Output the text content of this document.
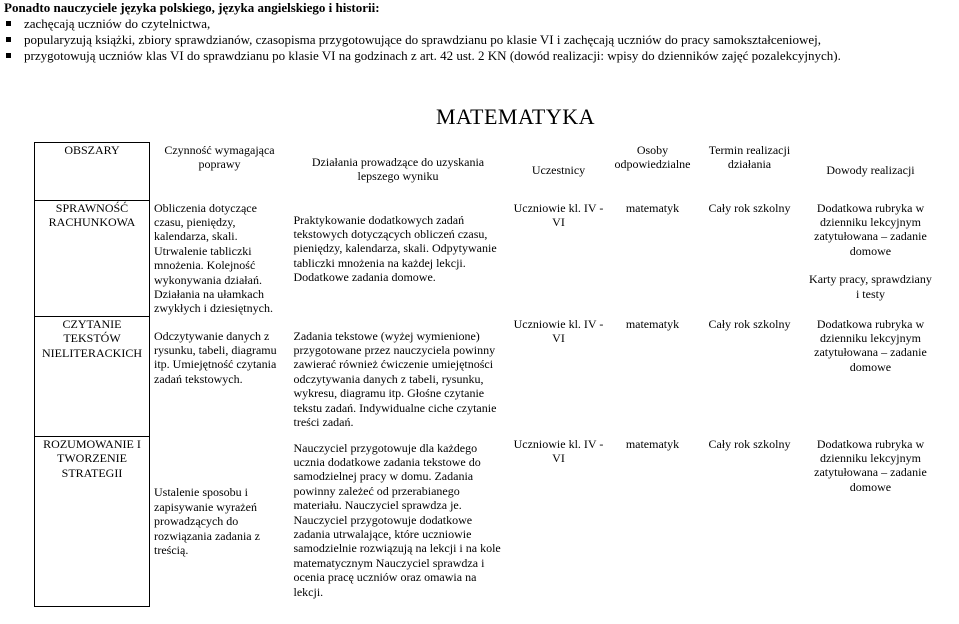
Ponadto nauczyciele języka polskiego, języka angielskiego i historii:
zachęcają uczniów do czytelnictwa,
popularyzują książki, zbiory sprawdzianów, czasopisma przygotowujące do sprawdzianu po klasie VI i zachęcają uczniów do pracy samokształceniowej,
przygotowują uczniów klas VI do sprawdzianu po klasie VI na godzinach z art. 42 ust. 2 KN (dowód realizacji: wpisy do dzienników zajęć pozalekcyjnych).
MATEMATYKA
OBSZARY	Czynność wymagająca poprawy	Działania prowadzące do uzyskania lepszego wyniku	Uczestnicy	Osoby odpowiedzialne	Termin realizacji działania	Dowody realizacji
SPRAWNOŚĆ RACHUNKOWA	Obliczenia dotyczące czasu, pieniędzy, kalendarza, skali. Utrwalenie tabliczki mnożenia. Kolejność wykonywania działań. Działania na ułamkach zwykłych i dziesiętnych.	Praktykowanie dodatkowych zadań tekstowych dotyczących obliczeń czasu, pieniędzy, kalendarza, skali. Odpytywanie tabliczki mnożenia na każdej lekcji. Dodatkowe zadania domowe.	Uczniowie kl. IV - VI	matematyk	Cały rok szkolny	Dodatkowa rubryka w dzienniku lekcyjnym zatytułowana – zadanie domowe
Karty pracy, sprawdziany i testy

CZYTANIE TEKSTÓW NIELITERACKICH	Odczytywanie danych z rysunku, tabeli, diagramu itp. Umiejętność czytania zadań tekstowych.	Zadania tekstowe (wyżej wymienione) przygotowane przez nauczyciela powinny zawierać również ćwiczenie umiejętności odczytywania danych z tabeli, rysunku, wykresu, diagramu itp. Głośne czytanie tekstu zadań. Indywidualne ciche czytanie treści zadań.	Uczniowie kl. IV - VI	matematyk	Cały rok szkolny	Dodatkowa rubryka w dzienniku lekcyjnym zatytułowana – zadanie domowe
ROZUMOWANIE I TWORZENIE STRATEGII	Ustalenie sposobu i zapisywanie wyrażeń prowadzących do rozwiązania zadania z treścią.	Nauczyciel przygotowuje dla każdego ucznia dodatkowe zadania tekstowe do samodzielnej pracy w domu. Zadania powinny zależeć od przerabianego materiału. Nauczyciel sprawdza je. Nauczyciel przygotowuje dodatkowe zadania utrwalające, które uczniowie samodzielnie rozwiązują na lekcji i na kole matematycznym Nauczyciel sprawdza i ocenia pracę uczniów oraz omawia na lekcji.	Uczniowie kl. IV - VI	matematyk	Cały rok szkolny	Dodatkowa rubryka w dzienniku lekcyjnym zatytułowana – zadanie domowe
